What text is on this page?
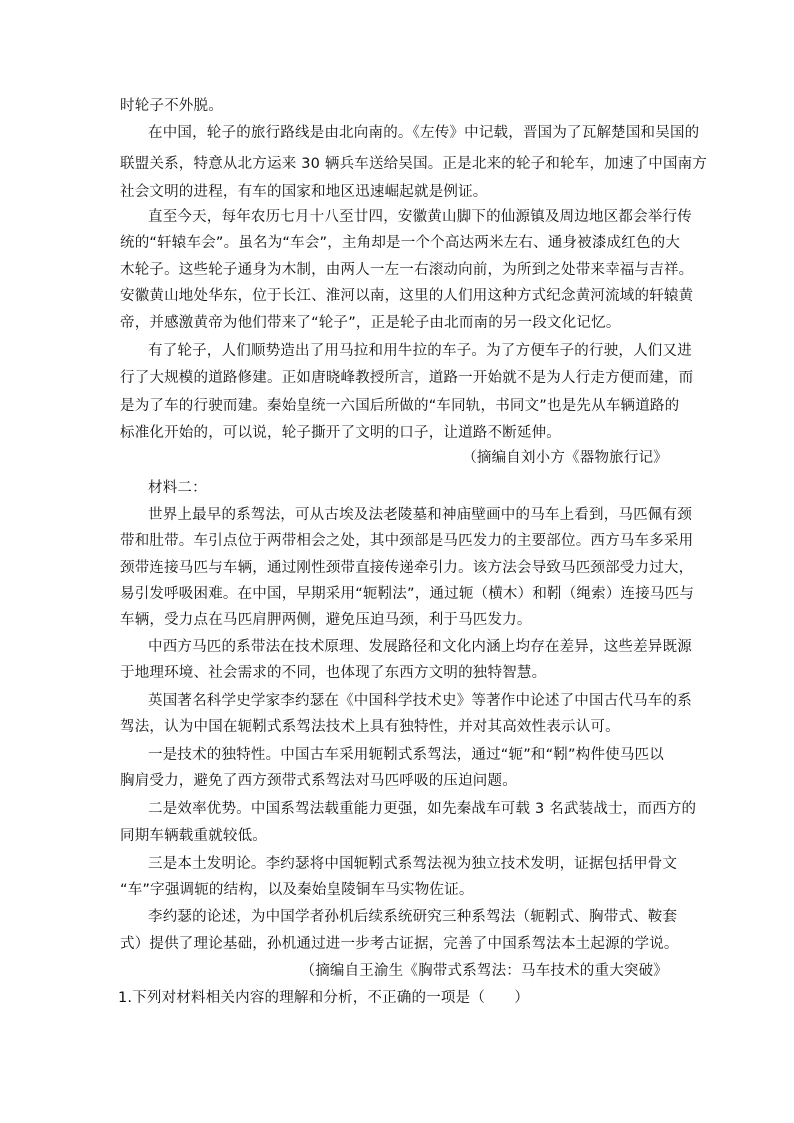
时轮子不外脱。
在中国，轮子的旅行路线是由北向南的。《左传》中记载，晋国为了瓦解楚国和吴国的
联盟关系，特意从北方运来 30 辆兵车送给吴国。正是北来的轮子和轮车，加速了中国南方
社会文明的进程，有车的国家和地区迅速崛起就是例证。
直至今天，每年农历七月十八至廿四，安徽黄山脚下的仙源镇及周边地区都会举行传
统的“轩辕车会”。虽名为“车会”，主角却是一个个高达两米左右、通身被漆成红色的大
木轮子。这些轮子通身为木制，由两人一左一右滚动向前，为所到之处带来幸福与吉祥。
安徽黄山地处华东，位于长江、淮河以南，这里的人们用这种方式纪念黄河流域的轩辕黄
帝，并感激黄帝为他们带来了“轮子”，正是轮子由北而南的另一段文化记忆。
有了轮子，人们顺势造出了用马拉和用牛拉的车子。为了方便车子的行驶，人们又进
行了大规模的道路修建。正如唐晓峰教授所言，道路一开始就不是为人行走方便而建，而
是为了车的行驶而建。秦始皇统一六国后所做的“车同轨，书同文”也是先从车辆道路的
标准化开始的，可以说，轮子撕开了文明的口子，让道路不断延伸。
（摘编自刘小方《器物旅行记》
材料二：
世界上最早的系驾法，可从古埃及法老陵墓和神庙壁画中的马车上看到，马匹佩有颈
带和肚带。车引点位于两带相会之处，其中颈部是马匹发力的主要部位。西方马车多采用
颈带连接马匹与车辆，通过刚性颈带直接传递牵引力。该方法会导致马匹颈部受力过大，
易引发呼吸困难。在中国，早期采用“轭靷法”，通过轭（横木）和靷（绳索）连接马匹与
车辆，受力点在马匹肩胛两侧，避免压迫马颈，利于马匹发力。
中西方马匹的系带法在技术原理、发展路径和文化内涵上均存在差异，这些差异既源
于地理环境、社会需求的不同，也体现了东西方文明的独特智慧。
英国著名科学史学家李约瑟在《中国科学技术史》等著作中论述了中国古代马车的系
驾法，认为中国在轭靷式系驾法技术上具有独特性，并对其高效性表示认可。
一是技术的独特性。中国古车采用轭靷式系驾法，通过“轭”和“靷”构件使马匹以
胸肩受力，避免了西方颈带式系驾法对马匹呼吸的压迫问题。
二是效率优势。中国系驾法载重能力更强，如先秦战车可载 3 名武装战士，而西方的
同期车辆载重就较低。
三是本土发明论。李约瑟将中国轭靷式系驾法视为独立技术发明，证据包括甲骨文
“车”字强调轭的结构，以及秦始皇陵铜车马实物佐证。
李约瑟的论述，为中国学者孙机后续系统研究三种系驾法（轭靷式、胸带式、鞍套
式）提供了理论基础，孙机通过进一步考古证据，完善了中国系驾法本土起源的学说。
（摘编自王渝生《胸带式系驾法：马车技术的重大突破》
1.下列对材料相关内容的理解和分析，不正确的一项是（　　）
